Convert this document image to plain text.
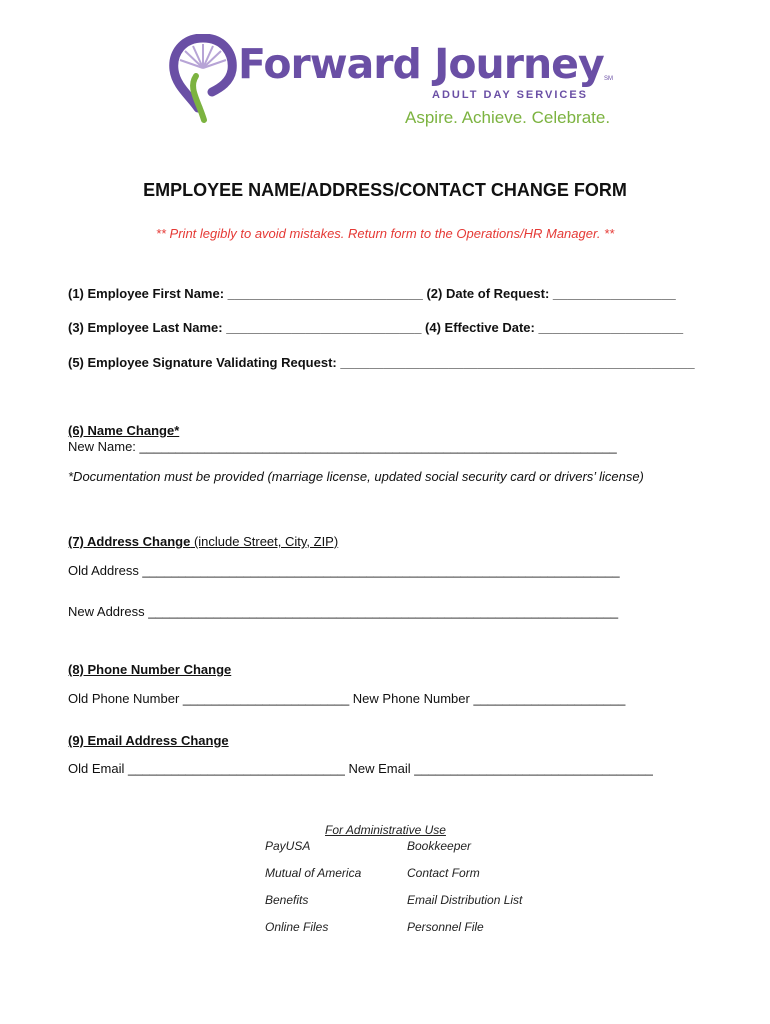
Forward Journey SM
ADULT DAY SERVICES
Aspire. Achieve. Celebrate.
EMPLOYEE NAME/ADDRESS/CONTACT CHANGE FORM
** Print legibly to avoid mistakes. Return form to the Operations/HR Manager. **
(1) Employee First Name: ___________________________ (2) Date of Request: _________________
(3) Employee Last Name: ___________________________ (4) Effective Date: ____________________
(5) Employee Signature Validating Request: _________________________________________________
(6) Name Change*
New Name: __________________________________________________________________
*Documentation must be provided (marriage license, updated social security card or drivers’ license)
(7) Address Change (include Street, City, ZIP)
Old Address __________________________________________________________________
New Address _________________________________________________________________
(8) Phone Number Change
Old Phone Number _______________________ New Phone Number _____________________
(9) Email Address Change
Old Email ______________________________ New Email _________________________________
For Administrative Use
PayUSA
Mutual of America
Benefits
Online Files
Bookkeeper
Contact Form
Email Distribution List
Personnel File
